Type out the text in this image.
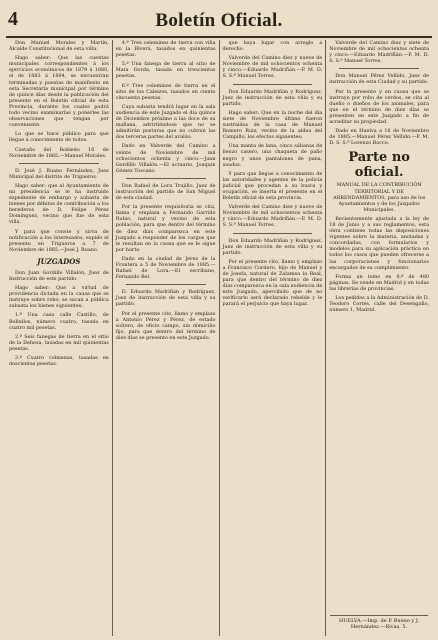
4	Boletín Oficial.

Don Manuel Morales y Martín, Alcalde Constitucional de esta villa.

Hago saber: Que las cuentas municipales correspondientes á los ejercicios económicos de 1879 á 1880, el de 1883 á 1884, se encuentran terminadas y puestas de manifiesto en esta Secretaría municipal por término de quince días desde la publicación del presente en el Boletín oficial de esta Provincia, durante los cuales podrá todo vecino examinarlas y ponerles las observaciones que tengan por conveniente.

Lo que se hace público para que llegue á conocimiento de todos.

Castaño del Robledo 16 de Noviembre de 1885.—Manuel Morales.

D. José J. Ruano Fernández, Juez Municipal del distrito de Trigueros.

Hago saber: que al Ayuntamiento de mi presidencia se le ha instruido expediente de embargo y subasta de bienes por débitos de contribución a los herederos de D. Felipe Pérez Domínguez, vecino que fue de esta villa.

Y para que conste y sirva de notificación a los interesados, expido el presente en Trigueros a 7 de Noviembre de 1885.—José J. Ruano.

JUZGADOS

Don Juan Gordillo Villalón, Juez de Instrucción de este partido.

Hago saber: Que a virtud de providencia dictada en la causa que se instruye sobre robo, se sacan a pública subasta los bienes siguientes:

1.º Una casa calle Castillo, de Bollullos, número cuatro, tasada en cuatro mil pesetas.

2.º Seis fanegas de tierra en el sitio de la Dehesa, tasadas en mil quinientas pesetas.

3.º Cuatro colmenas, tasadas en doscientas pesetas.

4.º Tres celemines de tierra con viña en la Rivera, tasados en quinientas pesetas.

5.º Una fanega de tierra al sitio de Mata Gorda, tasada en trescientas pesetas.

6.º Tres celemines de tierra en el sitio de los Cabezos, tasados en ciento cincuenta pesetas.

Cuya subasta tendrá lugar en la sala audiencia de este Juzgado el día quince de Diciembre próximo a las doce de su mañana, advirtiéndose que no se admitirán posturas que no cubran las dos terceras partes del avalúo.

Dado en Valverde del Camino a veinte de Noviembre de mil ochocientos ochenta y cinco.—Juan Gordillo Villalón.—El actuario, Joaquín Gómez Toscano.

Don Rafael de Lora Trujillo, Juez de instrucción del partido de San Miguel de esta ciudad.

Por la presente requisitoria se cita, llama y emplaza a Fernando Garrido Rubio, natural y vecino de esta población, para que dentro del término de diez días comparezca en este Juzgado a responder de los cargos que le resultan en la causa que se le sigue por hurto.

Dado en la ciudad de Jerez de la Frontera a 5 de Noviembre de 1885.—Rafael de Lora.—El escribano, Fernando Bel.

D. Eduardo Madriñán y Rodríguez, Juez de instrucción de esta villa y su partido.

Por el presente cito, llamo y emplazo a Antonio Pérez y Pérez, de estado soltero, de oficio campo, sin domicilio fijo, para que dentro del término de diez días se presente en este Juzgado.

que haya lugar con arreglo a derecho.

Valverde del Camino diez y nueve de Noviembre de mil ochocientos ochenta y cinco.—Eduardo Madriñán.—P. M. D. S. S.ª Manuel Torres.

Don Eduardo Madriñán y Rodríguez, Juez de instrucción de esta villa y su partido.

Hago saber: Que en la noche del día siete de Noviembre último fueron sustraídos de la casa de Manuel Romero Ruiz, vecino de la aldea del Campillo, los efectos siguientes:

Una manta de lana, cinco sábanas de lienzo casero, una chaqueta de paño negro y unos pantalones de pana, usados.

Y para que llegue a conocimiento de las autoridades y agentes de la policía judicial que procedan a su busca y ocupación, se inserta el presente en el Boletín oficial de esta provincia.

Valverde del Camino diez y nueve de Noviembre de mil ochocientos ochenta y cinco.—Eduardo Madriñán.—P. M. D. S. S.ª Manuel Torres.

Don Eduardo Madriñán y Rodríguez, Juez de instrucción de esta villa y su partido.

Por el presente cito, llamo y emplazo a Francisco Cordero, hijo de Manuel y de Josefa, natural de Zalamea la Real, para que dentro del término de diez días comparezca en la sala audiencia de este Juzgado, apercibido que de no verificarlo será declarado rebelde y le parará el perjuicio que haya lugar.

Valverde del Camino diez y siete de Noviembre de mil ochocientos ochenta y cinco.—Eduardo Madriñán.—P. M. D. S. S.ª Manuel Torres.

Don Manuel Pérez Vellido, Juez de instrucción de esta Ciudad y su partido.

Por la presente y en causa que se instruye por robo de cerdos, se cita al dueño o dueños de los animales, para que en el término de diez días se presenten en este Juzgado a fin de acreditar su propiedad.

Dado en Huelva a 16 de Noviembre de 1885.—Manuel Pérez Vellido.—P. M. D. S. S.ª Lorenzo Rocco.

Parte no oficial.

MANUAL DE LA CONTRIBUCIÓN TERRITORIAL Y DE ARRENDAMIENTOS, para uso de los Ayuntamientos y de los Juzgados Municipales.

Recientemente ajustada a la ley de 18 de Junio y a sus reglamentos, esta obra contiene todas las disposiciones vigentes sobre la materia, anotadas y concordadas, con formularios y modelos para su aplicación práctica en todos los casos que pueden ofrecerse a las corporaciones y funcionarios encargados de su cumplimiento.

Forma un tomo en 8.º de 480 páginas. Se vende en Madrid y en todas las librerías de provincias.

Los pedidos a la Administración de D. Teodoro Cortés, calle del Desengaño, número 1, Madrid.

HUELVA.—Imp. de P. Bueno y J. Hernández.—Rivas, 5.
